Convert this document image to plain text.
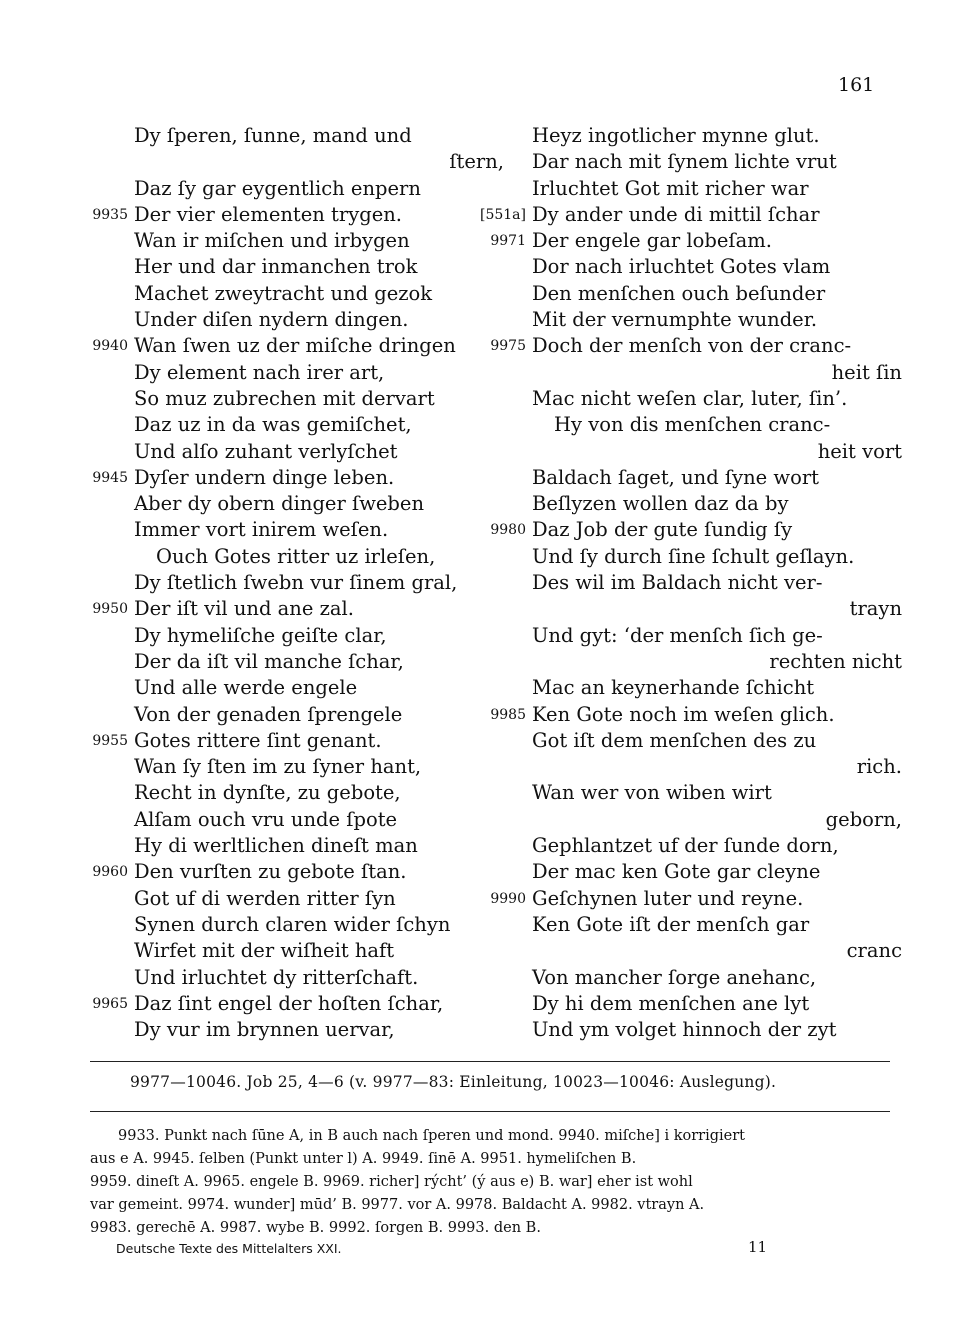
161
Dy ſperen, ſunne, mand und
ſtern,
Daz ſy gar eygentlich enpern
9935 Der vier elementen trygen.
Wan ir miſchen und irbygen
Her und dar inmanchen trok
Machet zweytracht und gezok
Under diſen nydern dingen.
9940 Wan ſwen uz der miſche dringen
Dy element nach irer art,
So muz zubrechen mit dervart
Daz uz in da was gemiſchet,
Und alſo zuhant verlyſchet
9945 Dyſer undern dinge leben.
Aber dy obern dinger ſweben
Immer vort inirem weſen.
Ouch Gotes ritter uz irleſen,
Dy ſtetlich ſwebn vur ſinem gral,
9950 Der iſt vil und ane zal.
Dy hymeliſche geiſte clar,
Der da iſt vil manche ſchar,
Und alle werde engele
Von der genaden ſprengele
9955 Gotes rittere ſint genant.
Wan ſy ſten im zu ſyner hant,
Recht in dynſte, zu gebote,
Alſam ouch vru unde ſpote
Hy di werltlichen dineſt man
9960 Den vurſten zu gebote ſtan.
Got uf di werden ritter ſyn
Synen durch claren wider ſchyn
Wirfet mit der wiſheit haft
Und irluchtet dy ritterſchaft.
9965 Daz ſint engel der hoſten ſchar,
Dy vur im brynnen uervar,
Heyz ingotlicher mynne glut.
Dar nach mit ſynem lichte vrut
Irluchtet Got mit richer war
[551a] Dy ander unde di mittil ſchar
9971 Der engele gar lobeſam.
Dor nach irluchtet Gotes vlam
Den menſchen ouch beſunder
Mit der vernumphte wunder.
9975 Doch der menſch von der cranc-
heit ſin
Mac nicht weſen clar, luter, ſin’.
Hy von dis menſchen cranc-
heit vort
Baldach ſaget, und ſyne wort
Beſlyzen wollen daz da by
9980 Daz Job der gute ſundig ſy
Und ſy durch ſine ſchult geſlayn.
Des wil im Baldach nicht ver-
trayn
Und gyt: ‘der menſch ſich ge-
rechten nicht
Mac an keynerhande ſchicht
9985 Ken Gote noch im weſen glich.
Got iſt dem menſchen des zu
rich.
Wan wer von wiben wirt
geborn,
Gephlantzet uf der ſunde dorn,
Der mac ken Gote gar cleyne
9990 Geſchynen luter und reyne.
Ken Gote iſt der menſch gar
cranc
Von mancher ſorge anehanc,
Dy hi dem menſchen ane lyt
Und ym volget hinnoch der zyt
9977—10046. Job 25, 4—6 (v. 9977—83: Einleitung, 10023—10046: Auslegung).
9933. Punkt nach ſūne A, in B auch nach ſperen und mond. 9940. miſche] i korrigiert
aus e A. 9945. ſelben (Punkt unter l) A. 9949. ſinē A. 9951. hymeliſchen B.
9959. dineſt A. 9965. engele B. 9969. richer] rýcht’ (ý aus e) B. war] eher ist wohl
var gemeint. 9974. wunder] mūd’ B. 9977. vor A. 9978. Baldacht A. 9982. vtrayn A.
9983. gerechē A. 9987. wybe B. 9992. ſorgen B. 9993. den B.
Deutsche Texte des Mittelalters XXI.	11
